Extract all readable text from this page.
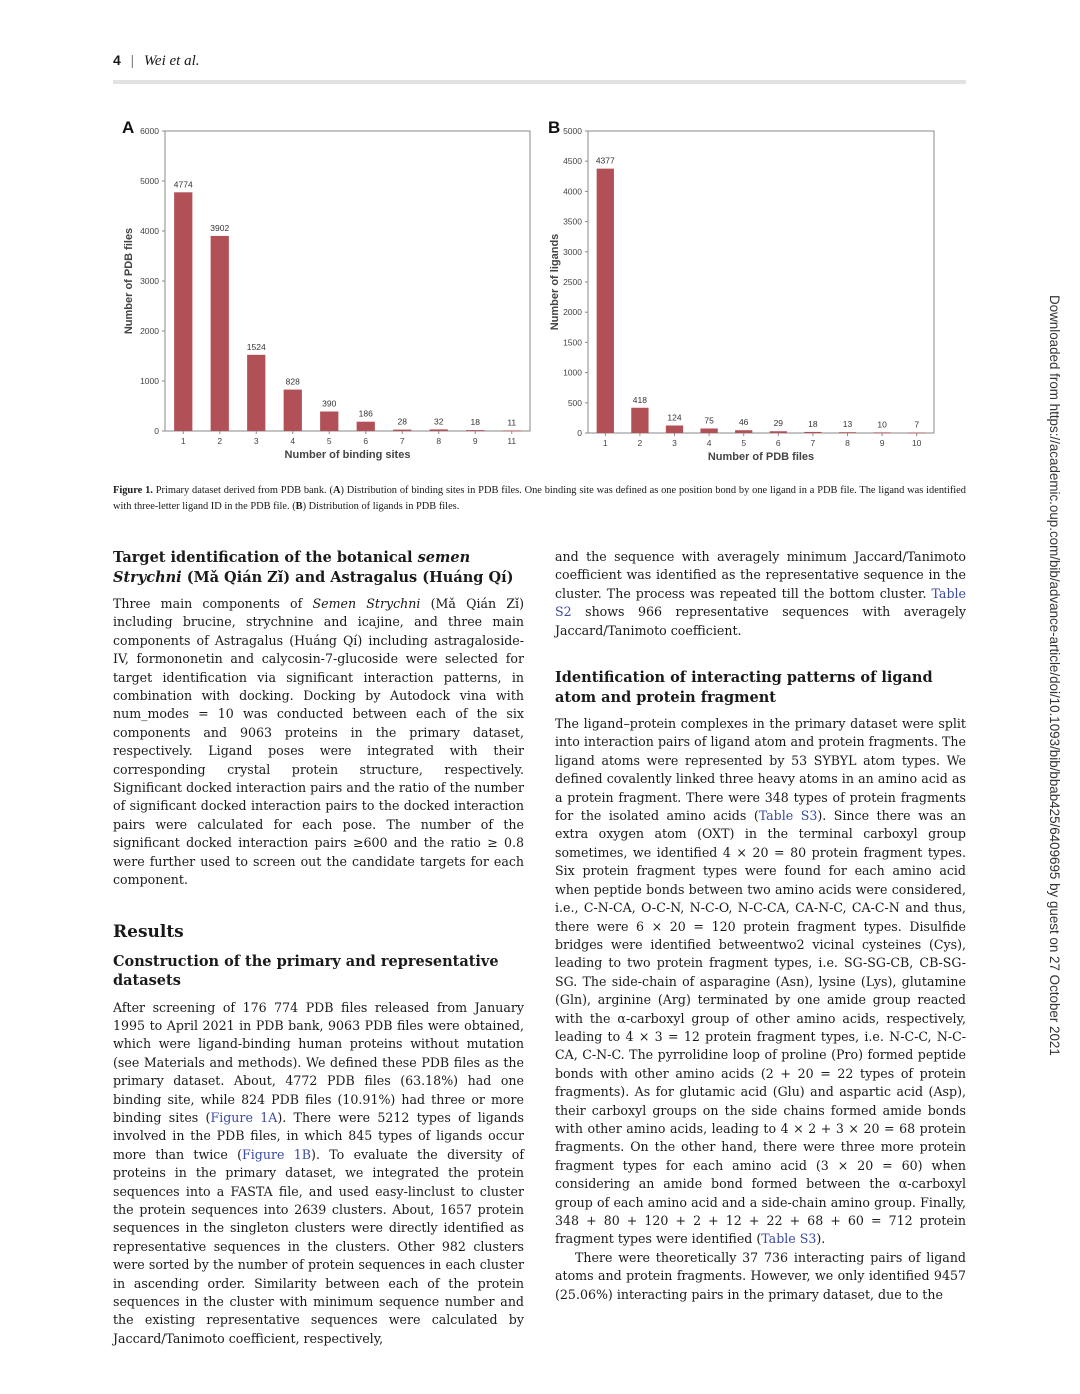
4 | Wei et al.
Downloaded from https://academic.oup.com/bib/advance-article/doi/10.1093/bib/bbab425/6409695 by guest on 27 October 2021
A
0
1000
2000
3000
4000
5000
6000
4774
1
3902
2
1524
3
828
4
390
5
186
6
28
7
32
8
18
9
11
11
Number of binding sites
Number of PDB files
B
0
500
1000
1500
2000
2500
3000
3500
4000
4500
5000
4377
1
418
2
124
3
75
4
46
5
29
6
18
7
13
8
10
9
7
10
Number of PDB files
Number of ligands
Figure 1. Primary dataset derived from PDB bank. (A) Distribution of binding sites in PDB files. One binding site was defined as one position bond by one ligand in a PDB file. The ligand was identified with three-letter ligand ID in the PDB file. (B) Distribution of ligands in PDB files.
Target identification of the botanical semen Strychni (Mǎ Qián Zǐ) and Astragalus (Huáng Qí)

Three main components of Semen Strychni (Mǎ Qián Zǐ) including brucine, strychnine and icajine, and three main components of Astragalus (Huáng Qí) including astragaloside-IV, formononetin and calycosin-7-glucoside were selected for target identification via significant interaction patterns, in combination with docking. Docking by Autodock vina with num_modes = 10 was conducted between each of the six components and 9063 proteins in the primary dataset, respectively. Ligand poses were integrated with their corresponding crystal protein structure, respectively. Significant docked interaction pairs and the ratio of the number of significant docked interaction pairs to the docked interaction pairs were calculated for each pose. The number of the significant docked interaction pairs ≥600 and the ratio ≥ 0.8 were further used to screen out the candidate targets for each component.

Results
Construction of the primary and representative datasets

After screening of 176 774 PDB files released from January 1995 to April 2021 in PDB bank, 9063 PDB files were obtained, which were ligand-binding human proteins without mutation (see Materials and methods). We defined these PDB files as the primary dataset. About, 4772 PDB files (63.18%) had one binding site, while 824 PDB files (10.91%) had three or more binding sites (Figure 1A). There were 5212 types of ligands involved in the PDB files, in which 845 types of ligands occur more than twice (Figure 1B). To evaluate the diversity of proteins in the primary dataset, we integrated the protein sequences into a FASTA file, and used easy-linclust to cluster the protein sequences into 2639 clusters. About, 1657 protein sequences in the singleton clusters were directly identified as representative sequences in the clusters. Other 982 clusters were sorted by the number of protein sequences in each cluster in ascending order. Similarity between each of the protein sequences in the cluster with minimum sequence number and the existing representative sequences were calculated by Jaccard/Tanimoto coefficient, respectively,

and the sequence with averagely minimum Jaccard/Tanimoto coefficient was identified as the representative sequence in the cluster. The process was repeated till the bottom cluster. Table S2 shows 966 representative sequences with averagely Jaccard/Tanimoto coefficient.

Identification of interacting patterns of ligand atom and protein fragment

The ligand–protein complexes in the primary dataset were split into interaction pairs of ligand atom and protein fragments. The ligand atoms were represented by 53 SYBYL atom types. We defined covalently linked three heavy atoms in an amino acid as a protein fragment. There were 348 types of protein fragments for the isolated amino acids (Table S3). Since there was an extra oxygen atom (OXT) in the terminal carboxyl group sometimes, we identified 4 × 20 = 80 protein fragment types. Six protein fragment types were found for each amino acid when peptide bonds between two amino acids were considered, i.e., C-N-CA, O-C-N, N-C-O, N-C-CA, CA-N-C, CA-C-N and thus, there were 6 × 20 = 120 protein fragment types. Disulfide bridges were identified betweentwo2 vicinal cysteines (Cys), leading to two protein fragment types, i.e. SG-SG-CB, CB-SG-SG. The side-chain of asparagine (Asn), lysine (Lys), glutamine (Gln), arginine (Arg) terminated by one amide group reacted with the α-carboxyl group of other amino acids, respectively, leading to 4 × 3 = 12 protein fragment types, i.e. N-C-C, N-C-CA, C-N-C. The pyrrolidine loop of proline (Pro) formed peptide bonds with other amino acids (2 + 20 = 22 types of protein fragments). As for glutamic acid (Glu) and aspartic acid (Asp), their carboxyl groups on the side chains formed amide bonds with other amino acids, leading to 4 × 2 + 3 × 20 = 68 protein fragments. On the other hand, there were three more protein fragment types for each amino acid (3 × 20 = 60) when considering an amide bond formed between the α-carboxyl group of each amino acid and a side-chain amino group. Finally, 348 + 80 + 120 + 2 + 12 + 22 + 68 + 60 = 712 protein fragment types were identified (Table S3).

There were theoretically 37 736 interacting pairs of ligand atoms and protein fragments. However, we only identified 9457 (25.06%) interacting pairs in the primary dataset, due to the
